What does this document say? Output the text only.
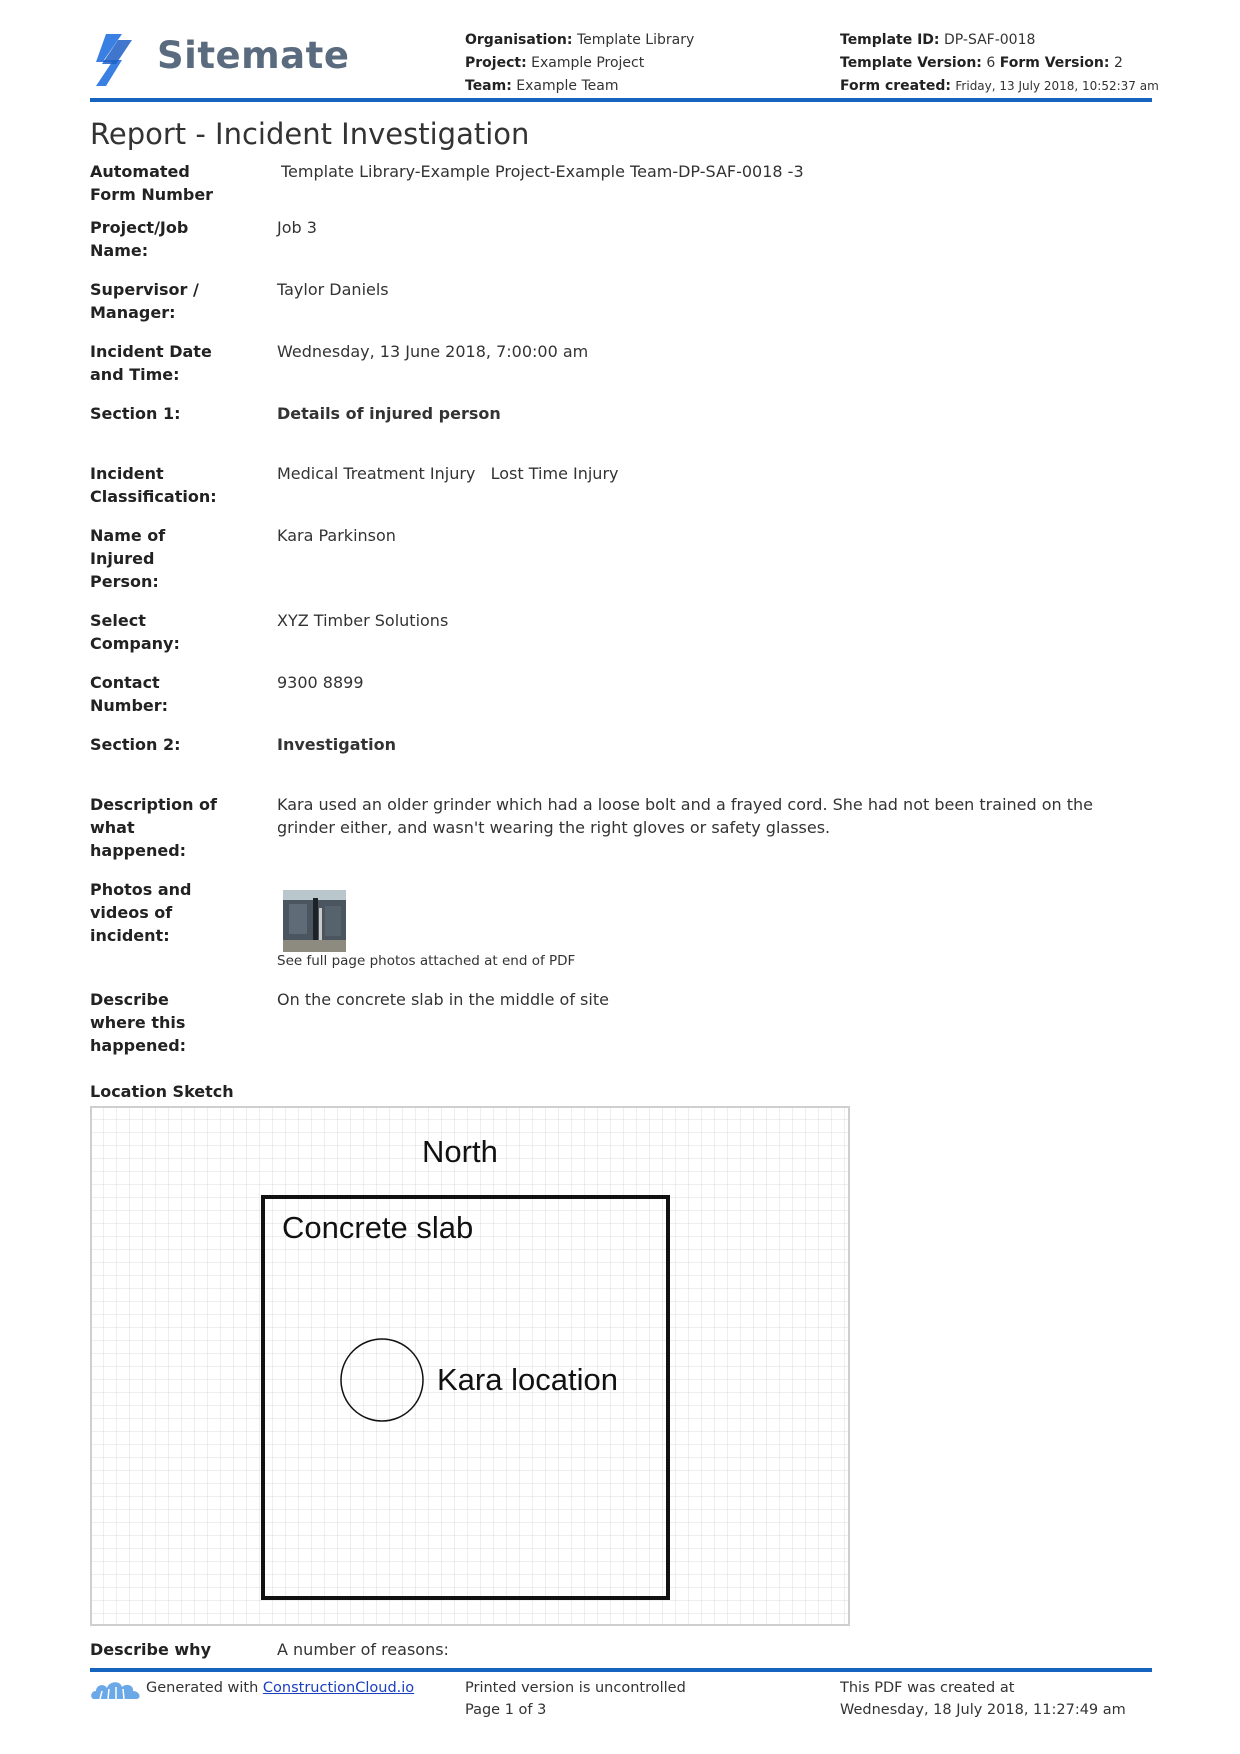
Sitemate	Organisation: Template Library
Project: Example Project
Team: Example Team
Template ID: DP-SAF-0018
Template Version: 6 Form Version: 2
Form created: Friday, 13 July 2018, 10:52:37 am
Report - Incident Investigation
Automated Form Number
Template Library-Example Project-Example Team-DP-SAF-0018 -3
Project/Job Name:
Job 3
Supervisor / Manager:
Taylor Daniels
Incident Date and Time:
Wednesday, 13 June 2018, 7:00:00 am
Section 1:	Details of injured person
Incident Classification:
Medical Treatment Injury   Lost Time Injury
Name of Injured Person:
Kara Parkinson
Select Company:
XYZ Timber Solutions
Contact Number:
9300 8899
Section 2:	Investigation
Description of what happened:
Kara used an older grinder which had a loose bolt and a frayed cord. She had not been trained on the grinder either, and wasn't wearing the right gloves or safety glasses.
Photos and videos of incident:
See full page photos attached at end of PDF
Describe where this happened:
On the concrete slab in the middle of site
Location Sketch
North
Concrete slab
Kara location
Describe why	A number of reasons:
Generated with ConstructionCloud.io	Printed version is uncontrolled
Page 1 of 3
This PDF was created at
Wednesday, 18 July 2018, 11:27:49 am
